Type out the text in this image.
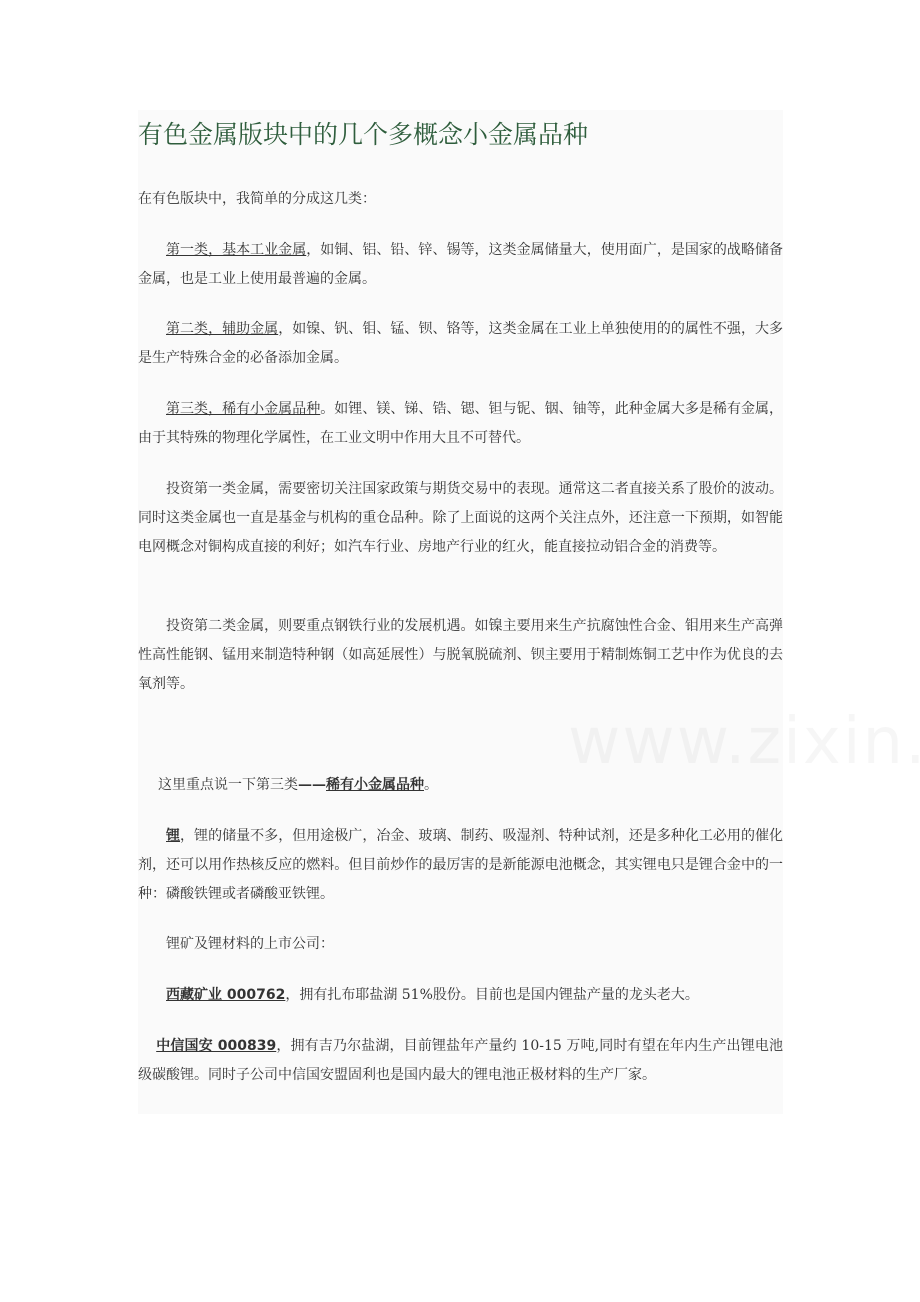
有色金属版块中的几个多概念小金属品种

在有色版块中，我简单的分成这几类：

第一类，基本工业金属，如铜、铝、铅、锌、锡等，这类金属储量大，使用面广，是国家的战略储备金属，也是工业上使用最普遍的金属。

第二类，辅助金属，如镍、钒、钼、锰、钡、铬等，这类金属在工业上单独使用的的属性不强，大多是生产特殊合金的必备添加金属。

第三类，稀有小金属品种。如锂、镁、锑、锆、锶、钽与铌、铟、铀等，此种金属大多是稀有金属，由于其特殊的物理化学属性，在工业文明中作用大且不可替代。

投资第一类金属，需要密切关注国家政策与期货交易中的表现。通常这二者直接关系了股价的波动。同时这类金属也一直是基金与机构的重仓品种。除了上面说的这两个关注点外，还注意一下预期，如智能电网概念对铜构成直接的利好；如汽车行业、房地产行业的红火，能直接拉动铝合金的消费等。

投资第二类金属，则要重点钢铁行业的发展机遇。如镍主要用来生产抗腐蚀性合金、钼用来生产高弹性高性能钢、锰用来制造特种钢（如高延展性）与脱氧脱硫剂、钡主要用于精制炼铜工艺中作为优良的去氧剂等。

这里重点说一下第三类——稀有小金属品种。

锂，锂的储量不多，但用途极广，冶金、玻璃、制药、吸湿剂、特种试剂，还是多种化工必用的催化剂，还可以用作热核反应的燃料。但目前炒作的最厉害的是新能源电池概念，其实锂电只是锂合金中的一种：磷酸铁锂或者磷酸亚铁锂。

锂矿及锂材料的上市公司：

西藏矿业 000762，拥有扎布耶盐湖 51%股份。目前也是国内锂盐产量的龙头老大。

中信国安 000839，拥有吉乃尔盐湖，目前锂盐年产量约 10-15 万吨,同时有望在年内生产出锂电池级碳酸锂。同时子公司中信国安盟固利也是国内最大的锂电池正极材料的生产厂家。
